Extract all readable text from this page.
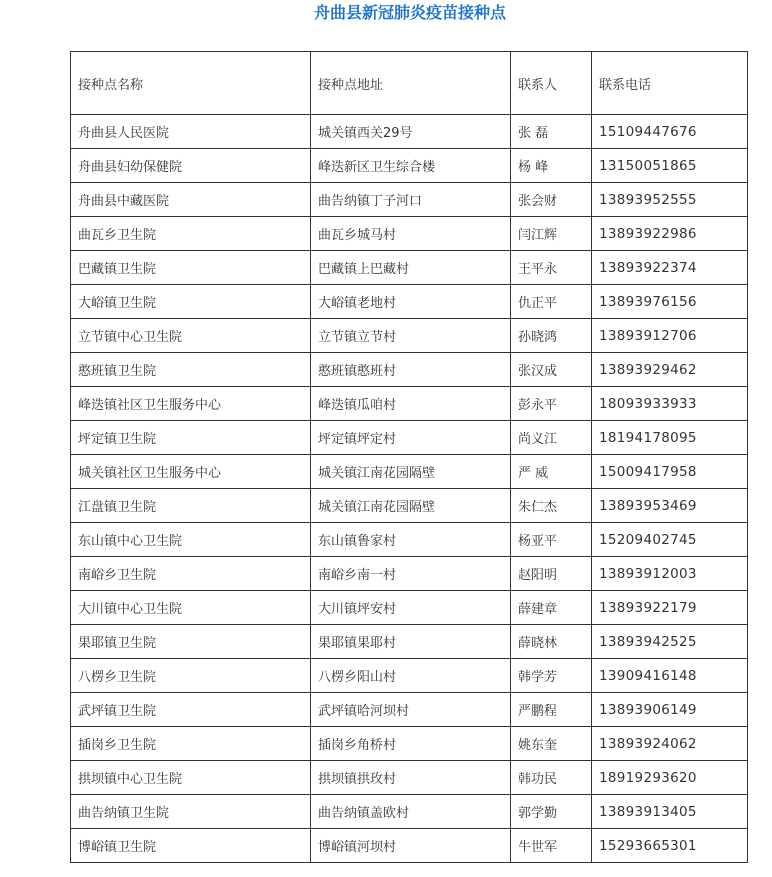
舟曲县新冠肺炎疫苗接种点
接种点名称	接种点地址	联系人	联系电话
舟曲县人民医院	城关镇西关29号	张 磊	15109447676
舟曲县妇幼保健院	峰迭新区卫生综合楼	杨 峰	13150051865
舟曲县中藏医院	曲告纳镇丁子河口	张会财	13893952555
曲瓦乡卫生院	曲瓦乡城马村	闫江辉	13893922986
巴藏镇卫生院	巴藏镇上巴藏村	王平永	13893922374
大峪镇卫生院	大峪镇老地村	仇正平	13893976156
立节镇中心卫生院	立节镇立节村	孙晓鸿	13893912706
憨班镇卫生院	憨班镇憨班村	张汉成	13893929462
峰迭镇社区卫生服务中心	峰迭镇瓜咱村	彭永平	18093933933
坪定镇卫生院	坪定镇坪定村	尚义江	18194178095
城关镇社区卫生服务中心	城关镇江南花园隔壁	严 威	15009417958
江盘镇卫生院	城关镇江南花园隔壁	朱仁杰	13893953469
东山镇中心卫生院	东山镇鲁家村	杨亚平	15209402745
南峪乡卫生院	南峪乡南一村	赵阳明	13893912003
大川镇中心卫生院	大川镇坪安村	薛建章	13893922179
果耶镇卫生院	果耶镇果耶村	薛晓林	13893942525
八楞乡卫生院	八楞乡阳山村	韩学芳	13909416148
武坪镇卫生院	武坪镇哈河坝村	严鹏程	13893906149
插岗乡卫生院	插岗乡角桥村	姚东奎	13893924062
拱坝镇中心卫生院	拱坝镇拱玫村	韩功民	18919293620
曲告纳镇卫生院	曲告纳镇盖欧村	郭学勤	13893913405
博峪镇卫生院	博峪镇河坝村	牛世军	15293665301
